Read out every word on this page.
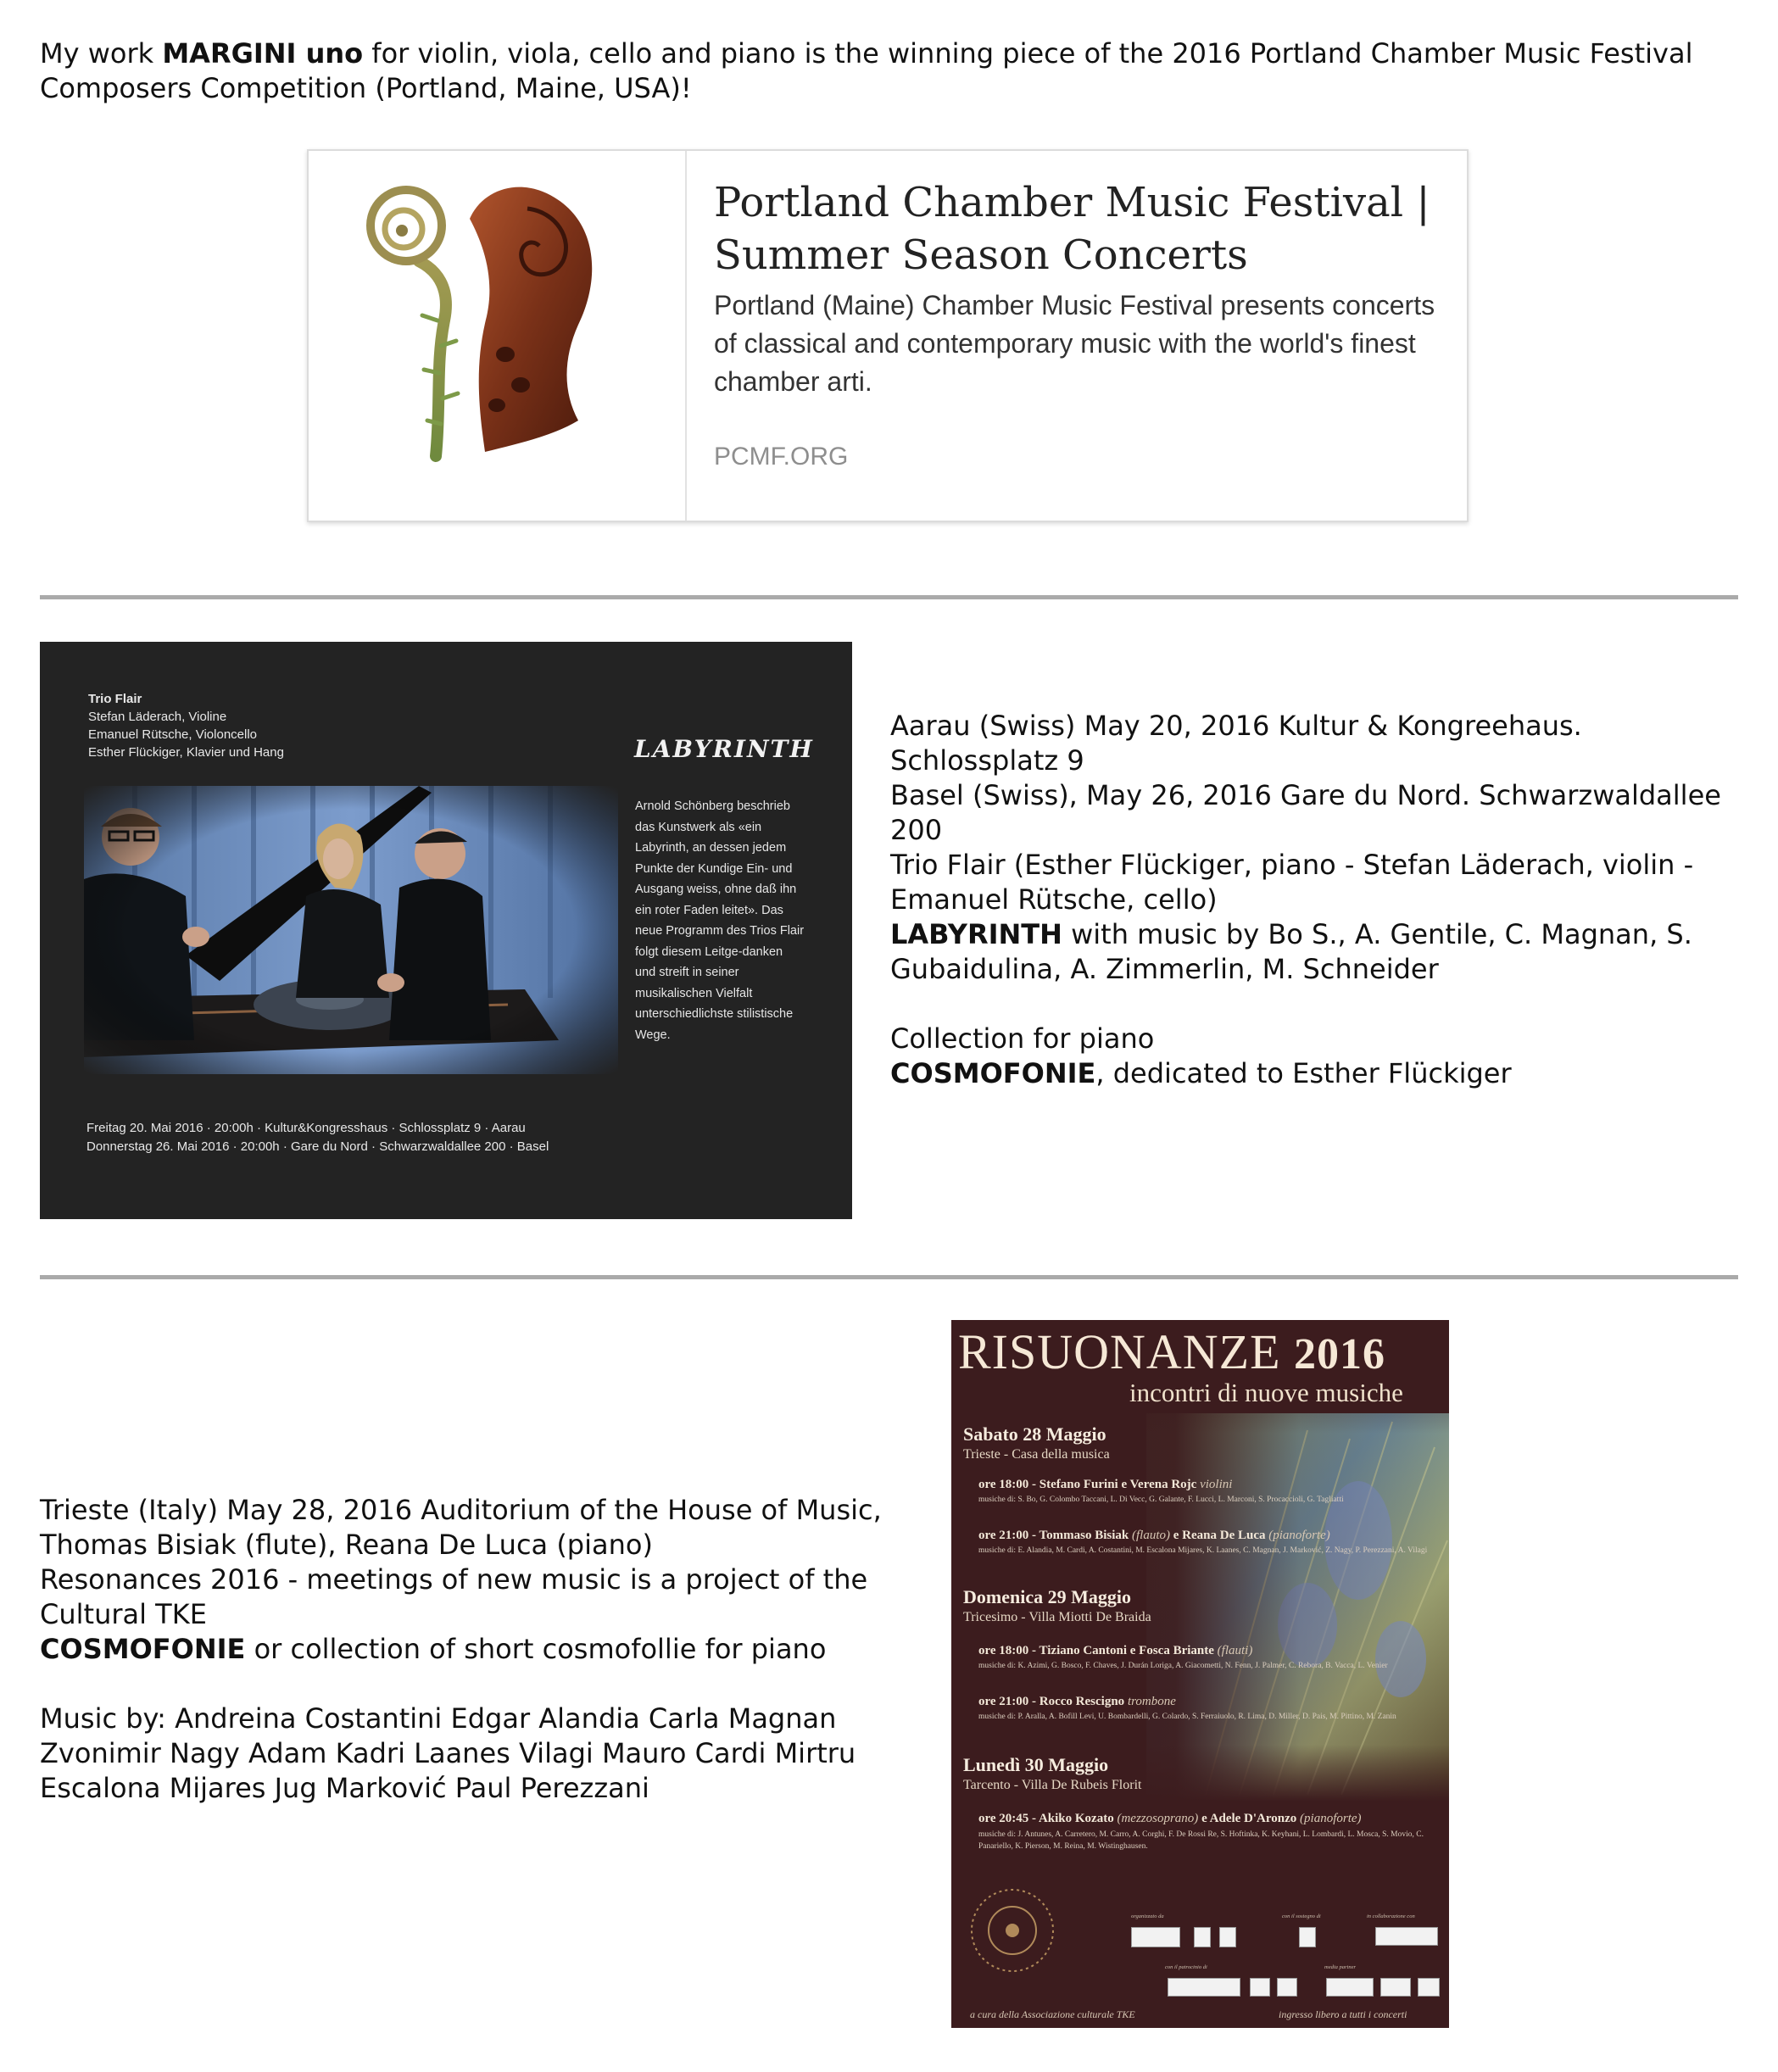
My work MARGINI uno for violin, viola, cello and piano is the winning piece of the 2016 Portland Chamber Music Festival Composers Competition (Portland, Maine, USA)!
Portland Chamber Music Festival | Summer Season Concerts
Portland (Maine) Chamber Music Festival presents concerts of classical and contemporary music with the world's finest chamber arti.
PCMF.ORG
Trio Flair
Stefan Läderach, Violine
Emanuel Rütsche, Violoncello
Esther Flückiger, Klavier und Hang	LABYRINTH
Arnold Schönberg beschrieb das Kunstwerk als «ein Labyrinth, an dessen jedem Punkte der Kundige Ein- und Ausgang weiss, ohne daß ihn ein roter Faden leitet». Das neue Programm des Trios Flair folgt diesem Leitge-danken und streift in seiner musikalischen Vielfalt unterschiedlichste stilistische Wege.
Freitag 20. Mai 2016 · 20:00h · Kultur&Kongresshaus · Schlossplatz 9 · Aarau
Donnerstag 26. Mai 2016 · 20:00h · Gare du Nord · Schwarzwaldallee 200 · Basel
Aarau (Swiss) May 20, 2016 Kultur & Kongreehaus. Schlossplatz 9
Basel (Swiss), May 26, 2016 Gare du Nord. Schwarzwaldallee 200
Trio Flair (Esther Flückiger, piano - Stefan Läderach, violin -
Emanuel Rütsche, cello)
LABYRINTH with music by Bo S., A. Gentile, C. Magnan, S.
Gubaidulina, A. Zimmerlin, M. Schneider
Collection for piano
COSMOFONIE, dedicated to Esther Flückiger
Trieste (Italy) May 28, 2016 Auditorium of the House of Music,
Thomas Bisiak (flute), Reana De Luca (piano)
Resonances 2016 - meetings of new music is a project of the
Cultural TKE
COSMOFONIE or collection of short cosmofollie for piano
Music by: Andreina Costantini Edgar Alandia Carla Magnan
Zvonimir Nagy Adam Kadri Laanes Vilagi Mauro Cardi Mirtru
Escalona Mijares Jug Marković Paul Perezzani
RISUONANZE 2016
incontri di nuove musiche
Sabato 28 Maggio
Trieste - Casa della musica
ore 18:00 - Stefano Furini e Verena Rojc violini
musiche di: S. Bo, G. Colombo Taccani, L. Di Vecc, G. Galante, F. Lucci, L. Marconi, S. Procaccioli, G. Tagliatti
ore 21:00 - Tommaso Bisiak (flauto) e Reana De Luca (pianoforte)
musiche di: E. Alandia, M. Cardi, A. Costantini, M. Escalona Mijares, K. Laanes, C. Magnan, J. Marković, Z. Nagy, P. Perezzani, A. Vilagi
Domenica 29 Maggio
Tricesimo - Villa Miotti De Braida
ore 18:00 - Tiziano Cantoni e Fosca Briante (flauti)
musiche di: K. Azimi, G. Bosco, F. Chaves, J. Durán Loriga, A. Giacometti, N. Fenn, J. Palmer, C. Rebora, B. Vacca, L. Venier
ore 21:00 - Rocco Rescigno trombone
musiche di: P. Aralla, A. Bofill Levi, U. Bombardelli, G. Colardo, S. Ferraiuolo, R. Lima, D. Miller, D. Pais, M. Pittino, M. Zanin
Lunedì 30 Maggio
Tarcento - Villa De Rubeis Florit
ore 20:45 - Akiko Kozato (mezzosoprano) e Adele D'Aronzo (pianoforte)
musiche di: J. Antunes, A. Carretero, M. Carro, A. Corghi, F. De Rossi Re, S. Hoftinka, K. Keyhani, L. Lombardi, L. Mosca, S. Movio, C. Panariello, K. Pierson, M. Reina, M. Wistinghausen.
organizzato da	con il sostegno di	in collaborazione con
con il patrocinio di	media partner
a cura della Associazione culturale TKE	ingresso libero a tutti i concerti
